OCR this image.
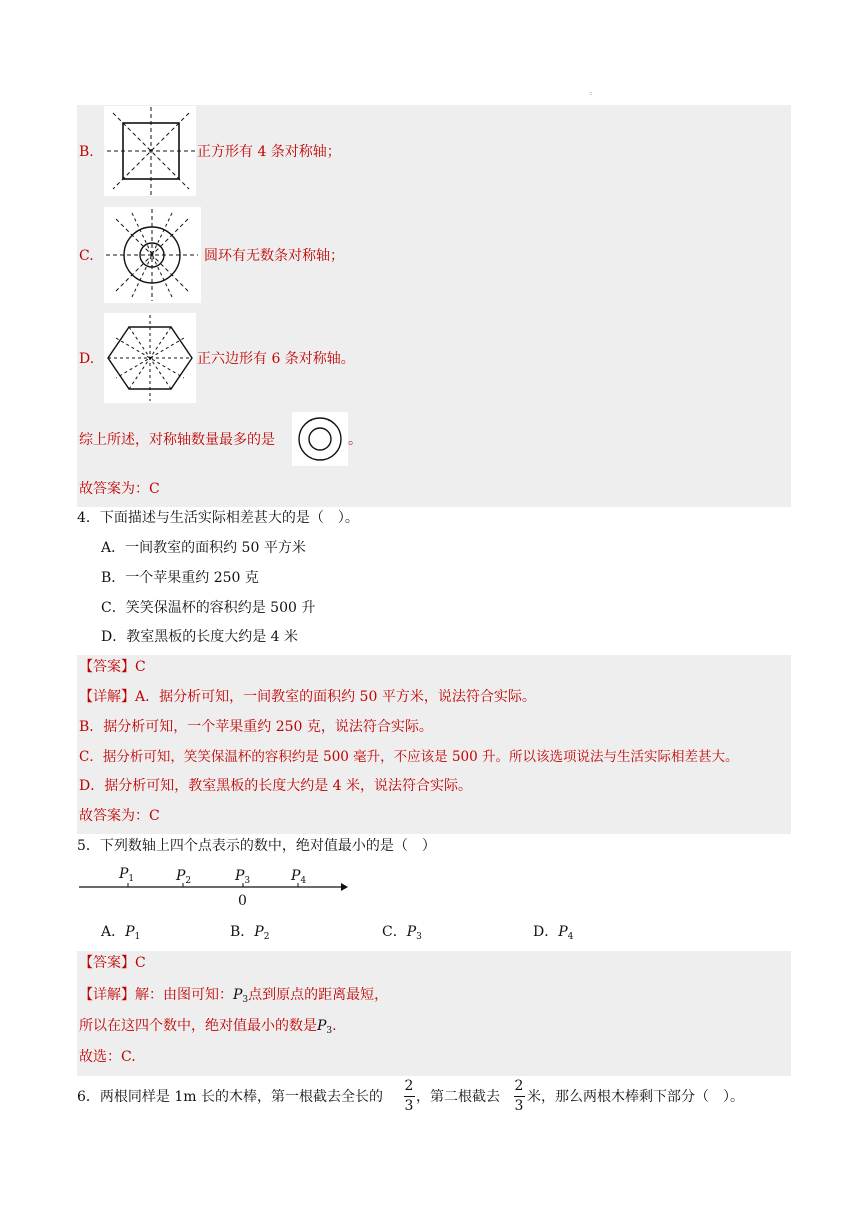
:
B.	正方形有 4 条对称轴；
C.	圆环有无数条对称轴；
D.	正六边形有 6 条对称轴。
综上所述，对称轴数量最多的是	。
故答案为：C
4．下面描述与生活实际相差甚大的是（　）。
A．一间教室的面积约 50 平方米
B．一个苹果重约 250 克
C．笑笑保温杯的容积约是 500 升
D．教室黑板的长度大约是 4 米
【答案】C
【详解】A．据分析可知，一间教室的面积约 50 平方米，说法符合实际。
B．据分析可知，一个苹果重约 250 克，说法符合实际。
C．据分析可知，笑笑保温杯的容积约是 500 毫升，不应该是 500 升。所以该选项说法与生活实际相差甚大。
D．据分析可知，教室黑板的长度大约是 4 米，说法符合实际。
故答案为：C
5．下列数轴上四个点表示的数中，绝对值最小的是（　）
$P_1$	$P_2$	$P_3$	$P_4$
0
A．$P_1$	B．$P_2$	C．$P_3$	D．$P_4$
【答案】C
【详解】解：由图可知：$P_3$点到原点的距离最短，
所以在这四个数中，绝对值最小的数是$P_3$.
故选：C.
6．两根同样是 1m 长的木棒，第一根截去全长的
2
3
，第二根截去
2
3
米，那么两根木棒剩下部分（　）。
